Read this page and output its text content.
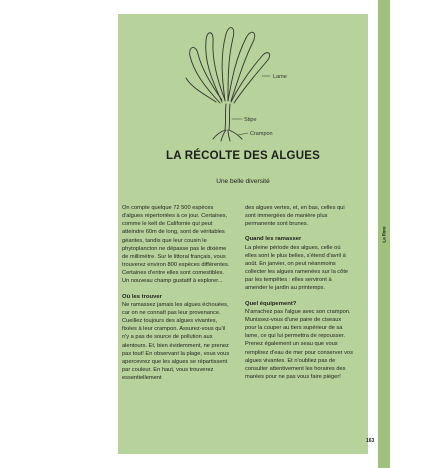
La flore
Lame
Stipe
Crampon
LA RÉCOLTE DES ALGUES
Une belle diversité

On compte quelque 72 500 espèces d'algues répertoriées à ce jour. Certaines, comme le kelt de Californie qui peut atteindre 60m de long, sont de véritables géantes, tandis que leur cousin le phytoplancton ne dépasse pas le dixième de millimètre. Sur le littoral français, vous trouverez environ 800 espèces différentes. Certaines d'entre elles sont comestibles. Un nouveau champ gustatif à explorer...

Où les trouver

Ne ramassez jamais les algues échouées, car on ne connaît pas leur provenance. Cueillez toujours des algues vivantes, fixées à leur crampon. Assurez-vous qu'il n'y a pas de source de pollution aux alentours. Et, bien évidemment, ne prenez pas tout! En observant la plage, vous vous apercevrez que les algues se répartissent par couleur. En haut, vous trouverez essentiellement

des algues vertes, et, en bas, celles qui sont immergées de manière plus permanente sont brunes.

Quand les ramasser

La pleine période des algues, celle où elles sont le plus belles, s'étend d'avril à août. En janvier, on peut néanmoins collecter les algues ramenées sur la côte par les tempêtes : elles serviront à amender le jardin au printemps.

Quel équipement?

N'arrachez pas l'algue avec son crampon. Munissez-vous d'une paire de ciseaux pour la couper au tiers supérieur de sa lame, ce qui lui permettra de repousser. Prenez également un seau que vous remplirez d'eau de mer pour conserver vos algues vivantes. Et n'oubliez pas de consulter attentivement les horaires des marées pour ne pas vous faire piéger!

163
